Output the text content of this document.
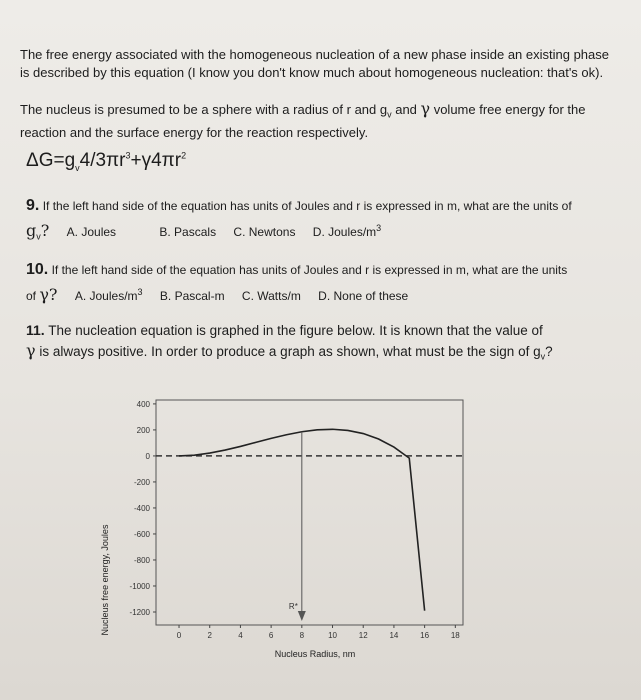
The free energy associated with the homogeneous nucleation of a new phase inside an existing phase
is described by this equation (I know you don't know much about homogeneous nucleation: that's ok).
The nucleus is presumed to be a sphere with a radius of r and $g_v$ and γ volume free energy for the
reaction and the surface energy for the reaction respectively.
$\Delta G=g_v4/3\pi r^3+\gamma 4\pi r^2$
9. If the left hand side of the equation has units of Joules and r is expressed in m, what are the units of
$g_v$? A. Joules	B. Pascals C. Newtons D. Joules/$m^3$
10. If the left hand side of the equation has units of Joules and r is expressed in m, what are the units
of γ? A. Joules/$m^3$ B. Pascal-m C. Watts/m D. None of these
11. The nucleation equation is graphed in the figure below. It is known that the value of
γ is always positive. In order to produce a graph as shown, what must be the sign of $g_v$?
Nucleus free energy, Joules
Nucleus Radius, nm
400
200
0
-200
-400
-600
-800
-1000
-1200
0	2	4	6	8	10	12	14	16	18
R*
